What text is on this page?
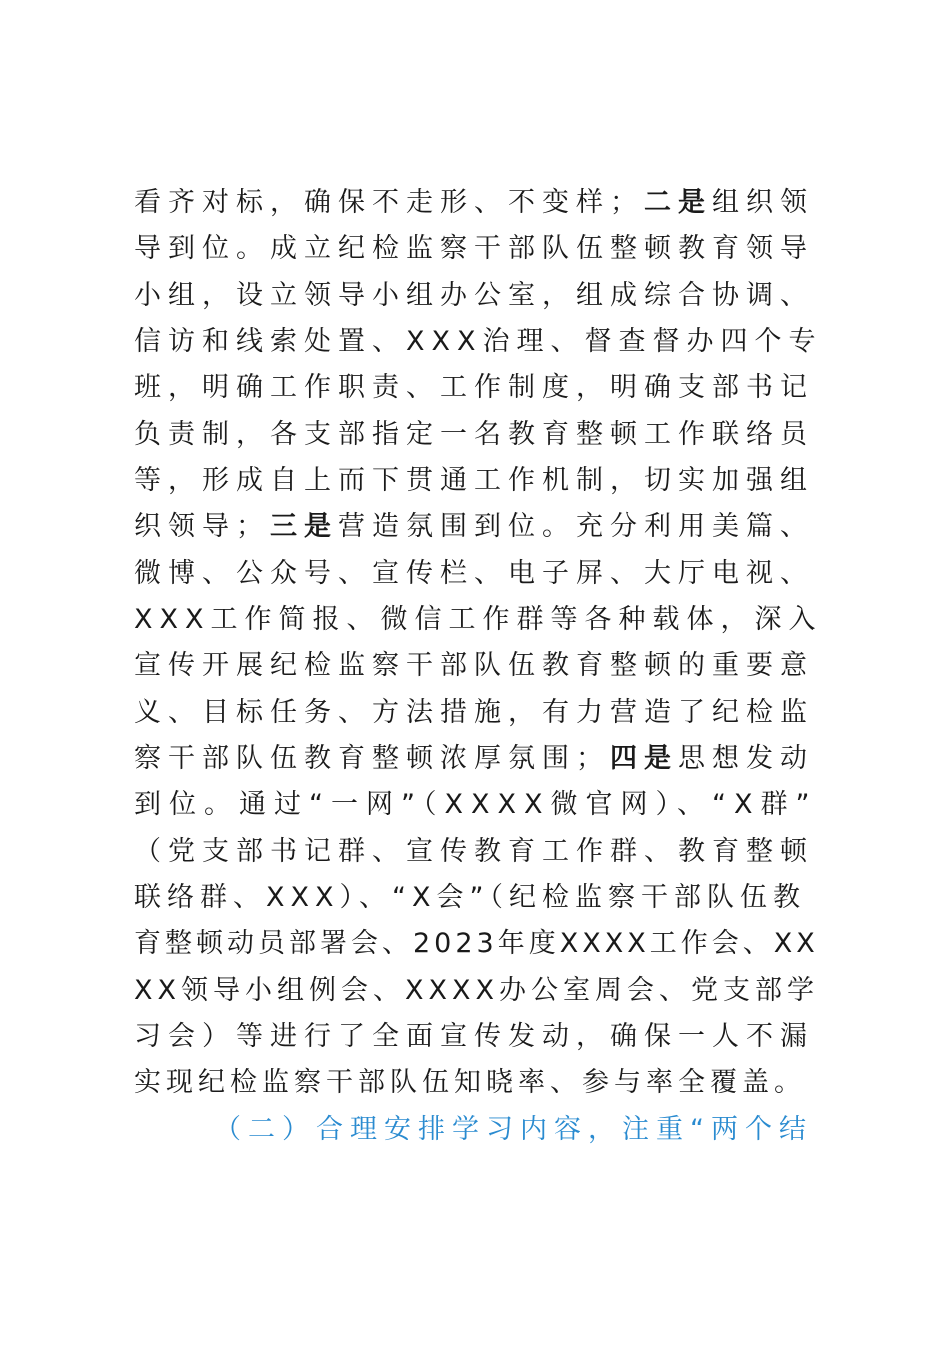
看齐对标，确保不走形、不变样；二是组织领
导到位。成立纪检监察干部队伍整顿教育领导
小组，设立领导小组办公室，组成综合协调、
信访和线索处置、XXX治理、督查督办四个专
班，明确工作职责、工作制度，明确支部书记
负责制，各支部指定一名教育整顿工作联络员
等，形成自上而下贯通工作机制，切实加强组
织领导；三是营造氛围到位。充分利用美篇、
微博、公众号、宣传栏、电子屏、大厅电视、
XXX工作简报、微信工作群等各种载体，深入
宣传开展纪检监察干部队伍教育整顿的重要意
义、目标任务、方法措施，有力营造了纪检监
察干部队伍教育整顿浓厚氛围；四是思想发动
到位。通过“一网”（XXXX微官网）、“X群”
（党支部书记群、宣传教育工作群、教育整顿
联络群、XXX）、“X会”（纪检监察干部队伍教
育整顿动员部署会、2023年度XXXX工作会、XX
XX领导小组例会、XXXX办公室周会、党支部学
习会）等进行了全面宣传发动，确保一人不漏
实现纪检监察干部队伍知晓率、参与率全覆盖。
（二）合理安排学习内容，注重“两个结
